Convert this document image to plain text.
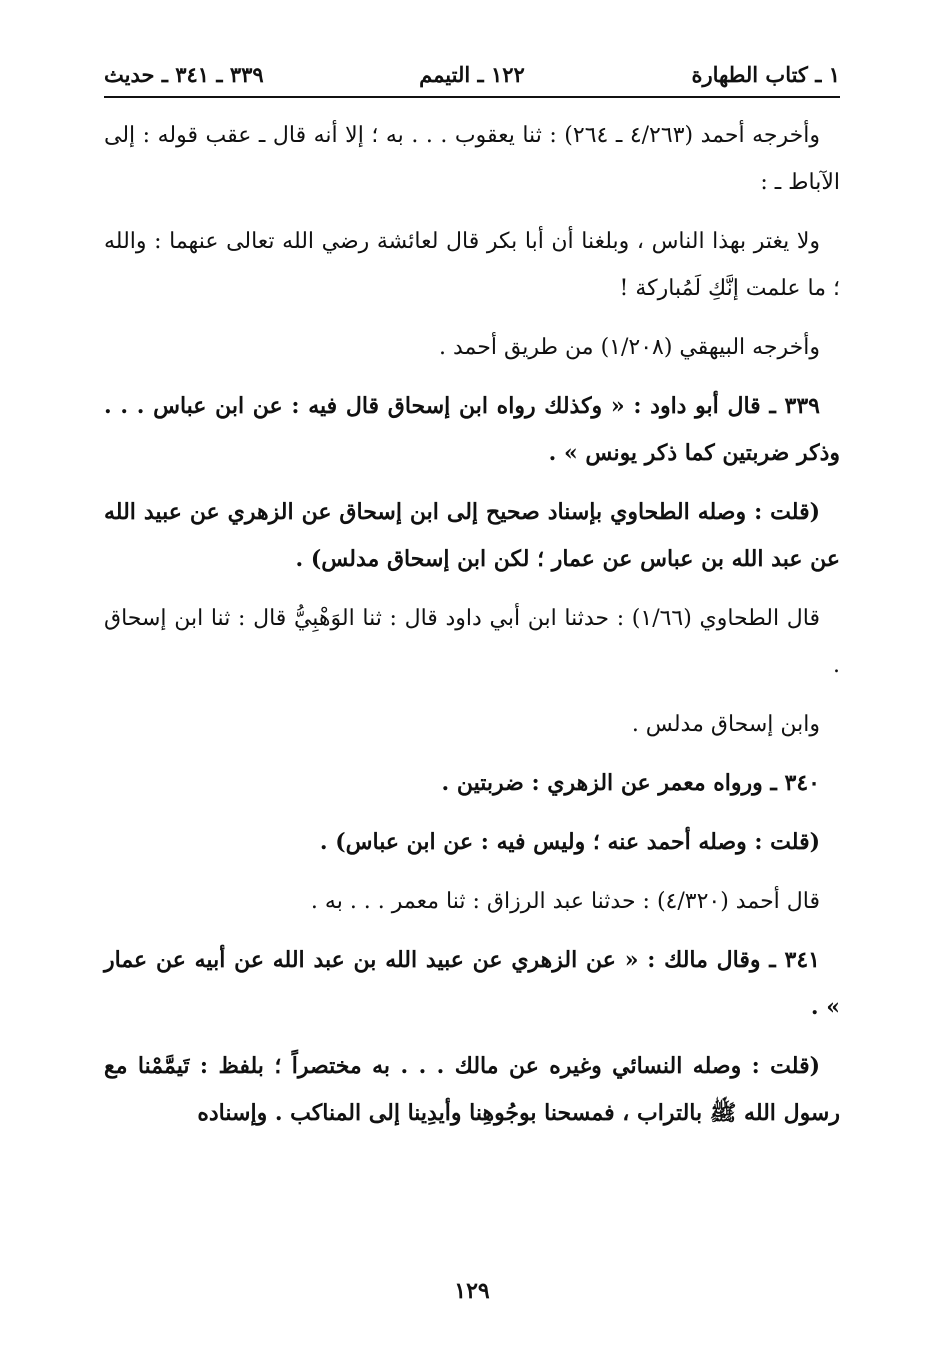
١ ـ كتاب الطهارة
١٢٢ ـ التيمم
٣٣٩ ـ ٣٤١ ـ حديث

وأخرجه أحمد (٤/٢٦٣ ـ ٢٦٤) : ثنا يعقوب . . . به ؛ إلا أنه قال ـ عقب قوله : إلى الآباط ـ :

ولا يغتر بهذا الناس ، وبلغنا أن أبا بكر قال لعائشة رضي الله تعالى عنهما : والله ؛ ما علمت إنَّكِ لَمُباركة !

وأخرجه البيهقي (١/٢٠٨) من طريق أحمد .

٣٣٩ ـ قال أبو داود : « وكذلك رواه ابن إسحاق قال فيه : عن ابن عباس . . . وذكر ضربتين كما ذكر يونس » .

(قلت : وصله الطحاوي بإسناد صحيح إلى ابن إسحاق عن الزهري عن عبيد الله عن عبد الله بن عباس عن عمار ؛ لكن ابن إسحاق مدلس) .

قال الطحاوي (١/٦٦) : حدثنا ابن أبي داود قال : ثنا الوَهْبِيُّ قال : ثنا ابن إسحاق .

وابن إسحاق مدلس .

٣٤٠ ـ ورواه معمر عن الزهري : ضربتين .

(قلت : وصله أحمد عنه ؛ وليس فيه : عن ابن عباس) .

قال أحمد (٤/٣٢٠) : حدثنا عبد الرزاق : ثنا معمر . . . به .

٣٤١ ـ وقال مالك : « عن الزهري عن عبيد الله بن عبد الله عن أبيه عن عمار » .

(قلت : وصله النسائي وغيره عن مالك . . . به مختصراً ؛ بلفظ : تَيمَّمْنا مع رسول الله ﷺ بالتراب ، فمسحنا بوجُوهِنا وأيدِينا إلى المناكب . وإسناده

١٢٩
